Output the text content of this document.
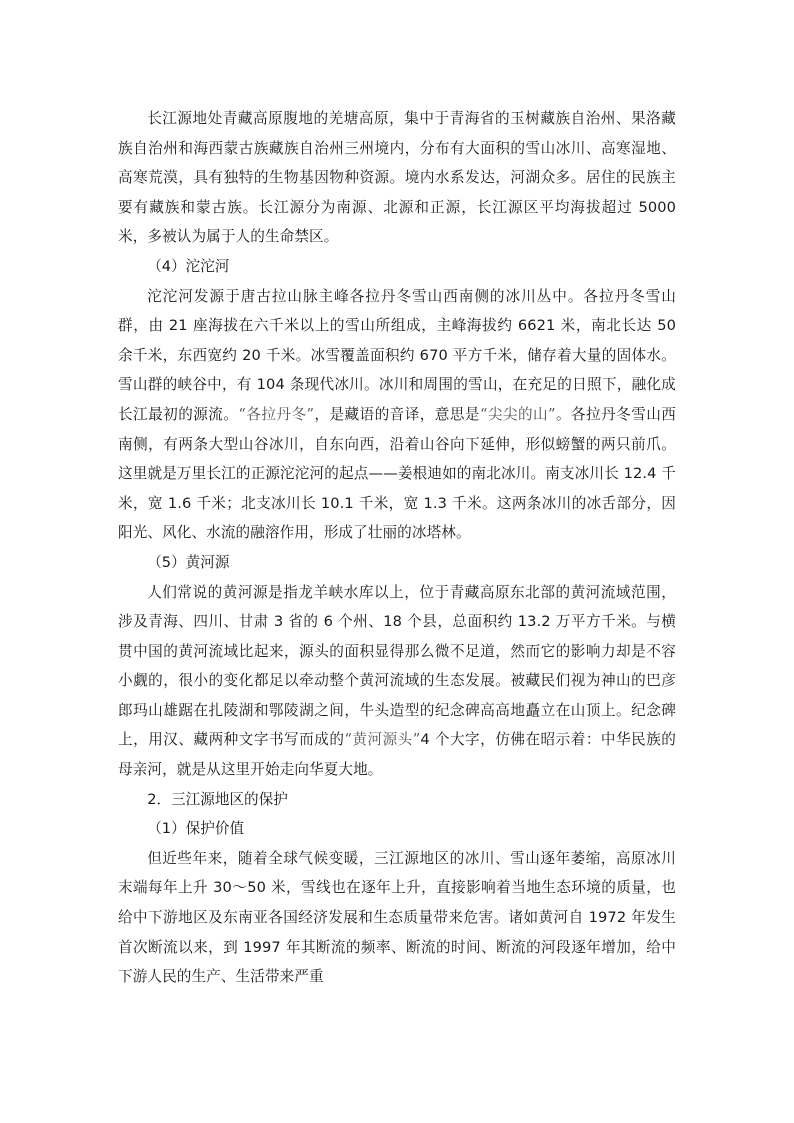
长江源地处青藏高原腹地的羌塘高原，集中于青海省的玉树藏族自治州、果洛藏族自治州和海西蒙古族藏族自治州三州境内，分布有大面积的雪山冰川、高寒湿地、高寒荒漠，具有独特的生物基因物种资源。境内水系发达，河湖众多。居住的民族主要有藏族和蒙古族。长江源分为南源、北源和正源，长江源区平均海拔超过 5000 米，多被认为属于人的生命禁区。

（4）沱沱河

沱沱河发源于唐古拉山脉主峰各拉丹冬雪山西南侧的冰川丛中。各拉丹冬雪山群，由 21 座海拔在六千米以上的雪山所组成，主峰海拔约 6621 米，南北长达 50 余千米，东西宽约 20 千米。冰雪覆盖面积约 670 平方千米，储存着大量的固体水。雪山群的峡谷中，有 104 条现代冰川。冰川和周围的雪山，在充足的日照下，融化成长江最初的源流。“各拉丹冬”，是藏语的音译，意思是“尖尖的山”。各拉丹冬雪山西南侧，有两条大型山谷冰川，自东向西，沿着山谷向下延伸，形似螃蟹的两只前爪。这里就是万里长江的正源沱沱河的起点——姜根迪如的南北冰川。南支冰川长 12.4 千米，宽 1.6 千米；北支冰川长 10.1 千米，宽 1.3 千米。这两条冰川的冰舌部分，因阳光、风化、水流的融溶作用，形成了壮丽的冰塔林。

（5）黄河源

人们常说的黄河源是指龙羊峡水库以上，位于青藏高原东北部的黄河流域范围，涉及青海、四川、甘肃 3 省的 6 个州、18 个县，总面积约 13.2 万平方千米。与横贯中国的黄河流域比起来，源头的面积显得那么微不足道，然而它的影响力却是不容小觑的，很小的变化都足以牵动整个黄河流域的生态发展。被藏民们视为神山的巴彦郎玛山雄踞在扎陵湖和鄂陵湖之间，牛头造型的纪念碑高高地矗立在山顶上。纪念碑上，用汉、藏两种文字书写而成的“黄河源头”4 个大字，仿佛在昭示着：中华民族的母亲河，就是从这里开始走向华夏大地。

2．三江源地区的保护

（1）保护价值

但近些年来，随着全球气候变暖，三江源地区的冰川、雪山逐年萎缩，高原冰川末端每年上升 30～50 米，雪线也在逐年上升，直接影响着当地生态环境的质量，也给中下游地区及东南亚各国经济发展和生态质量带来危害。诸如黄河自 1972 年发生首次断流以来，到 1997 年其断流的频率、断流的时间、断流的河段逐年增加，给中下游人民的生产、生活带来严重
